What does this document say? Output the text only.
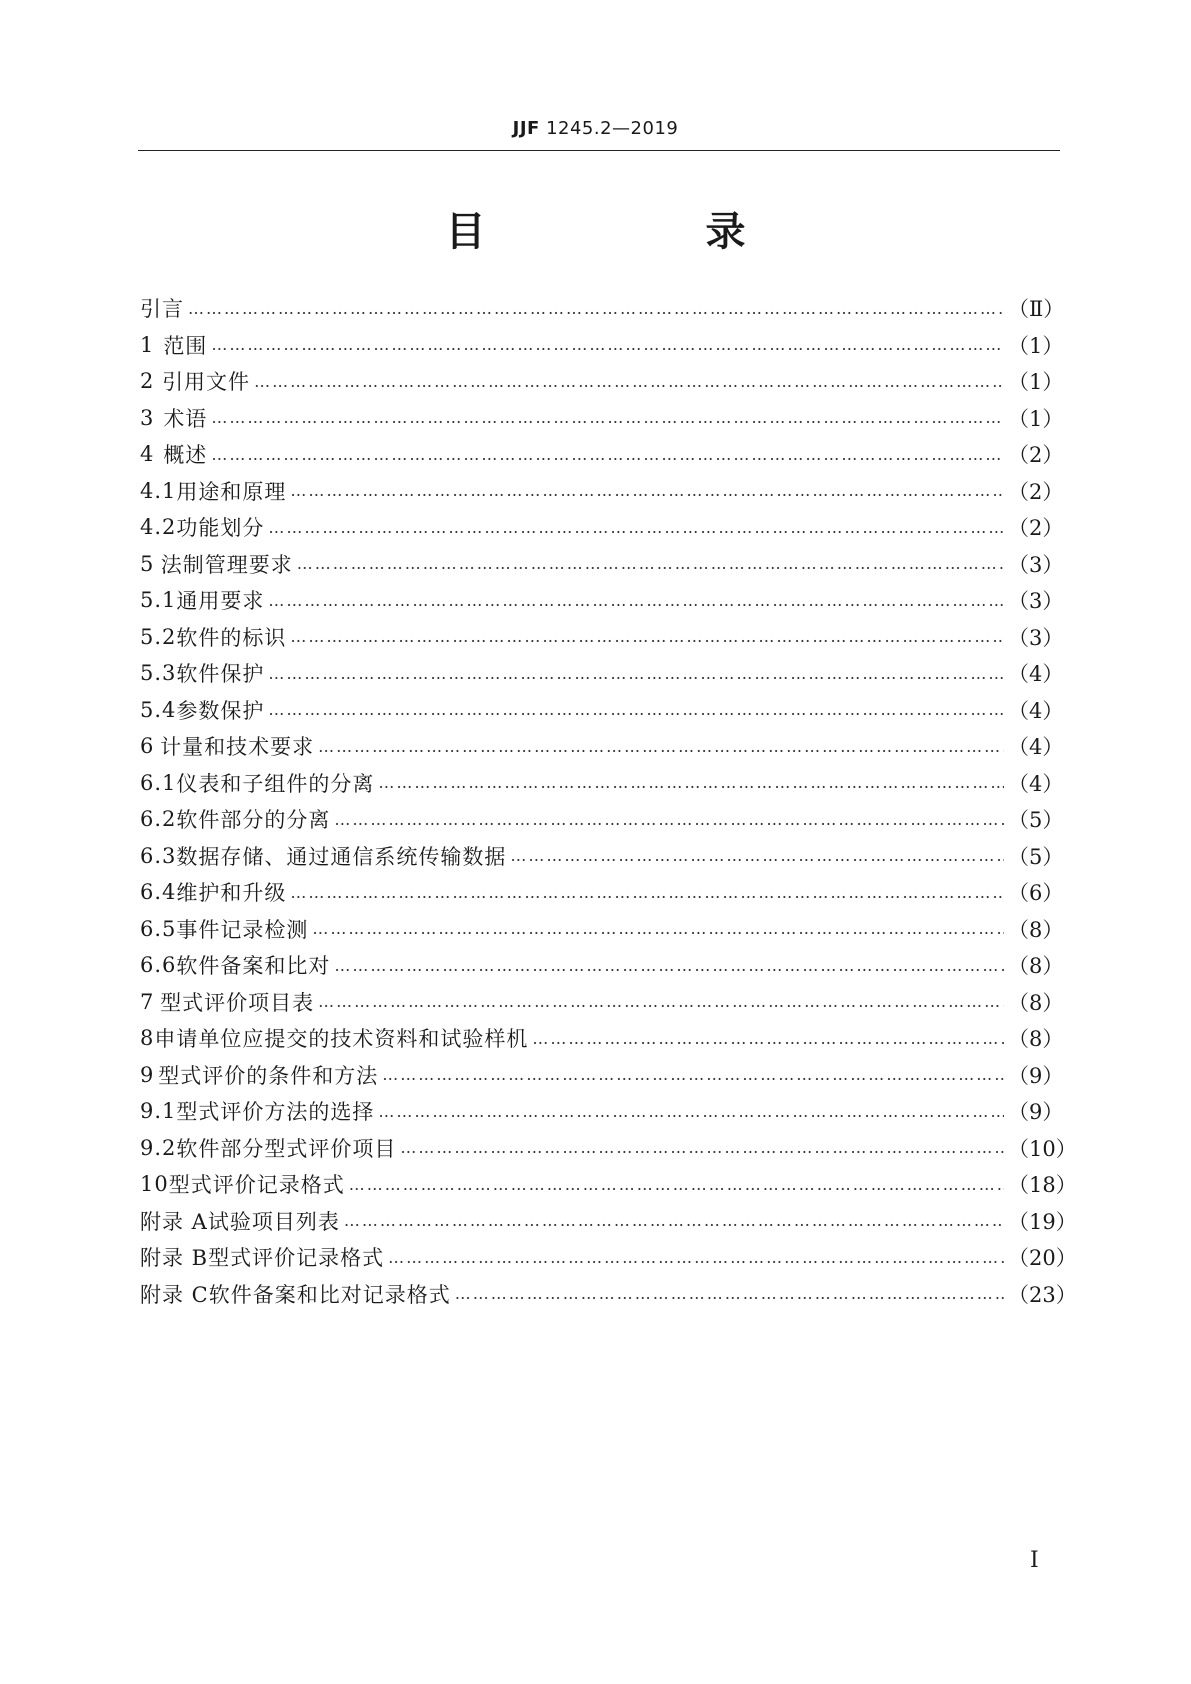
JJF 1245.2—2019
目　录
引言 ……………………………………………………………………………………………………………………………………………………………………………………	（Ⅱ）
1 范围 ……………………………………………………………………………………………………………………………………………………………………………………	（1）
2 引用文件 ……………………………………………………………………………………………………………………………………………………………………………………	（1）
3 术语 ……………………………………………………………………………………………………………………………………………………………………………………	（1）
4 概述 ……………………………………………………………………………………………………………………………………………………………………………………	（2）
4.1 用途和原理 ……………………………………………………………………………………………………………………………………………………………………………………	（2）
4.2 功能划分 ……………………………………………………………………………………………………………………………………………………………………………………	（2）
5 法制管理要求 ……………………………………………………………………………………………………………………………………………………………………………………	（3）
5.1 通用要求 ……………………………………………………………………………………………………………………………………………………………………………………	（3）
5.2 软件的标识 ……………………………………………………………………………………………………………………………………………………………………………………	（3）
5.3 软件保护 ……………………………………………………………………………………………………………………………………………………………………………………	（4）
5.4 参数保护 ……………………………………………………………………………………………………………………………………………………………………………………	（4）
6 计量和技术要求 ……………………………………………………………………………………………………………………………………………………………………………………	（4）
6.1 仪表和子组件的分离 ……………………………………………………………………………………………………………………………………………………………………………………	（4）
6.2 软件部分的分离 ……………………………………………………………………………………………………………………………………………………………………………………	（5）
6.3 数据存储、通过通信系统传输数据 ……………………………………………………………………………………………………………………………………………………………………………………	（5）
6.4 维护和升级 ……………………………………………………………………………………………………………………………………………………………………………………	（6）
6.5 事件记录检测 ……………………………………………………………………………………………………………………………………………………………………………………	（8）
6.6 软件备案和比对 ……………………………………………………………………………………………………………………………………………………………………………………	（8）
7 型式评价项目表 ……………………………………………………………………………………………………………………………………………………………………………………	（8）
8 申请单位应提交的技术资料和试验样机 ……………………………………………………………………………………………………………………………………………………………………………………	（8）
9 型式评价的条件和方法 ……………………………………………………………………………………………………………………………………………………………………………………	（9）
9.1 型式评价方法的选择 ……………………………………………………………………………………………………………………………………………………………………………………	（9）
9.2 软件部分型式评价项目 ……………………………………………………………………………………………………………………………………………………………………………………	（10）
10 型式评价记录格式 ……………………………………………………………………………………………………………………………………………………………………………………	（18）
附录 A 试验项目列表 ……………………………………………………………………………………………………………………………………………………………………………………	（19）
附录 B 型式评价记录格式 ……………………………………………………………………………………………………………………………………………………………………………………	（20）
附录 C 软件备案和比对记录格式 ……………………………………………………………………………………………………………………………………………………………………………………	（23）
Ⅰ
